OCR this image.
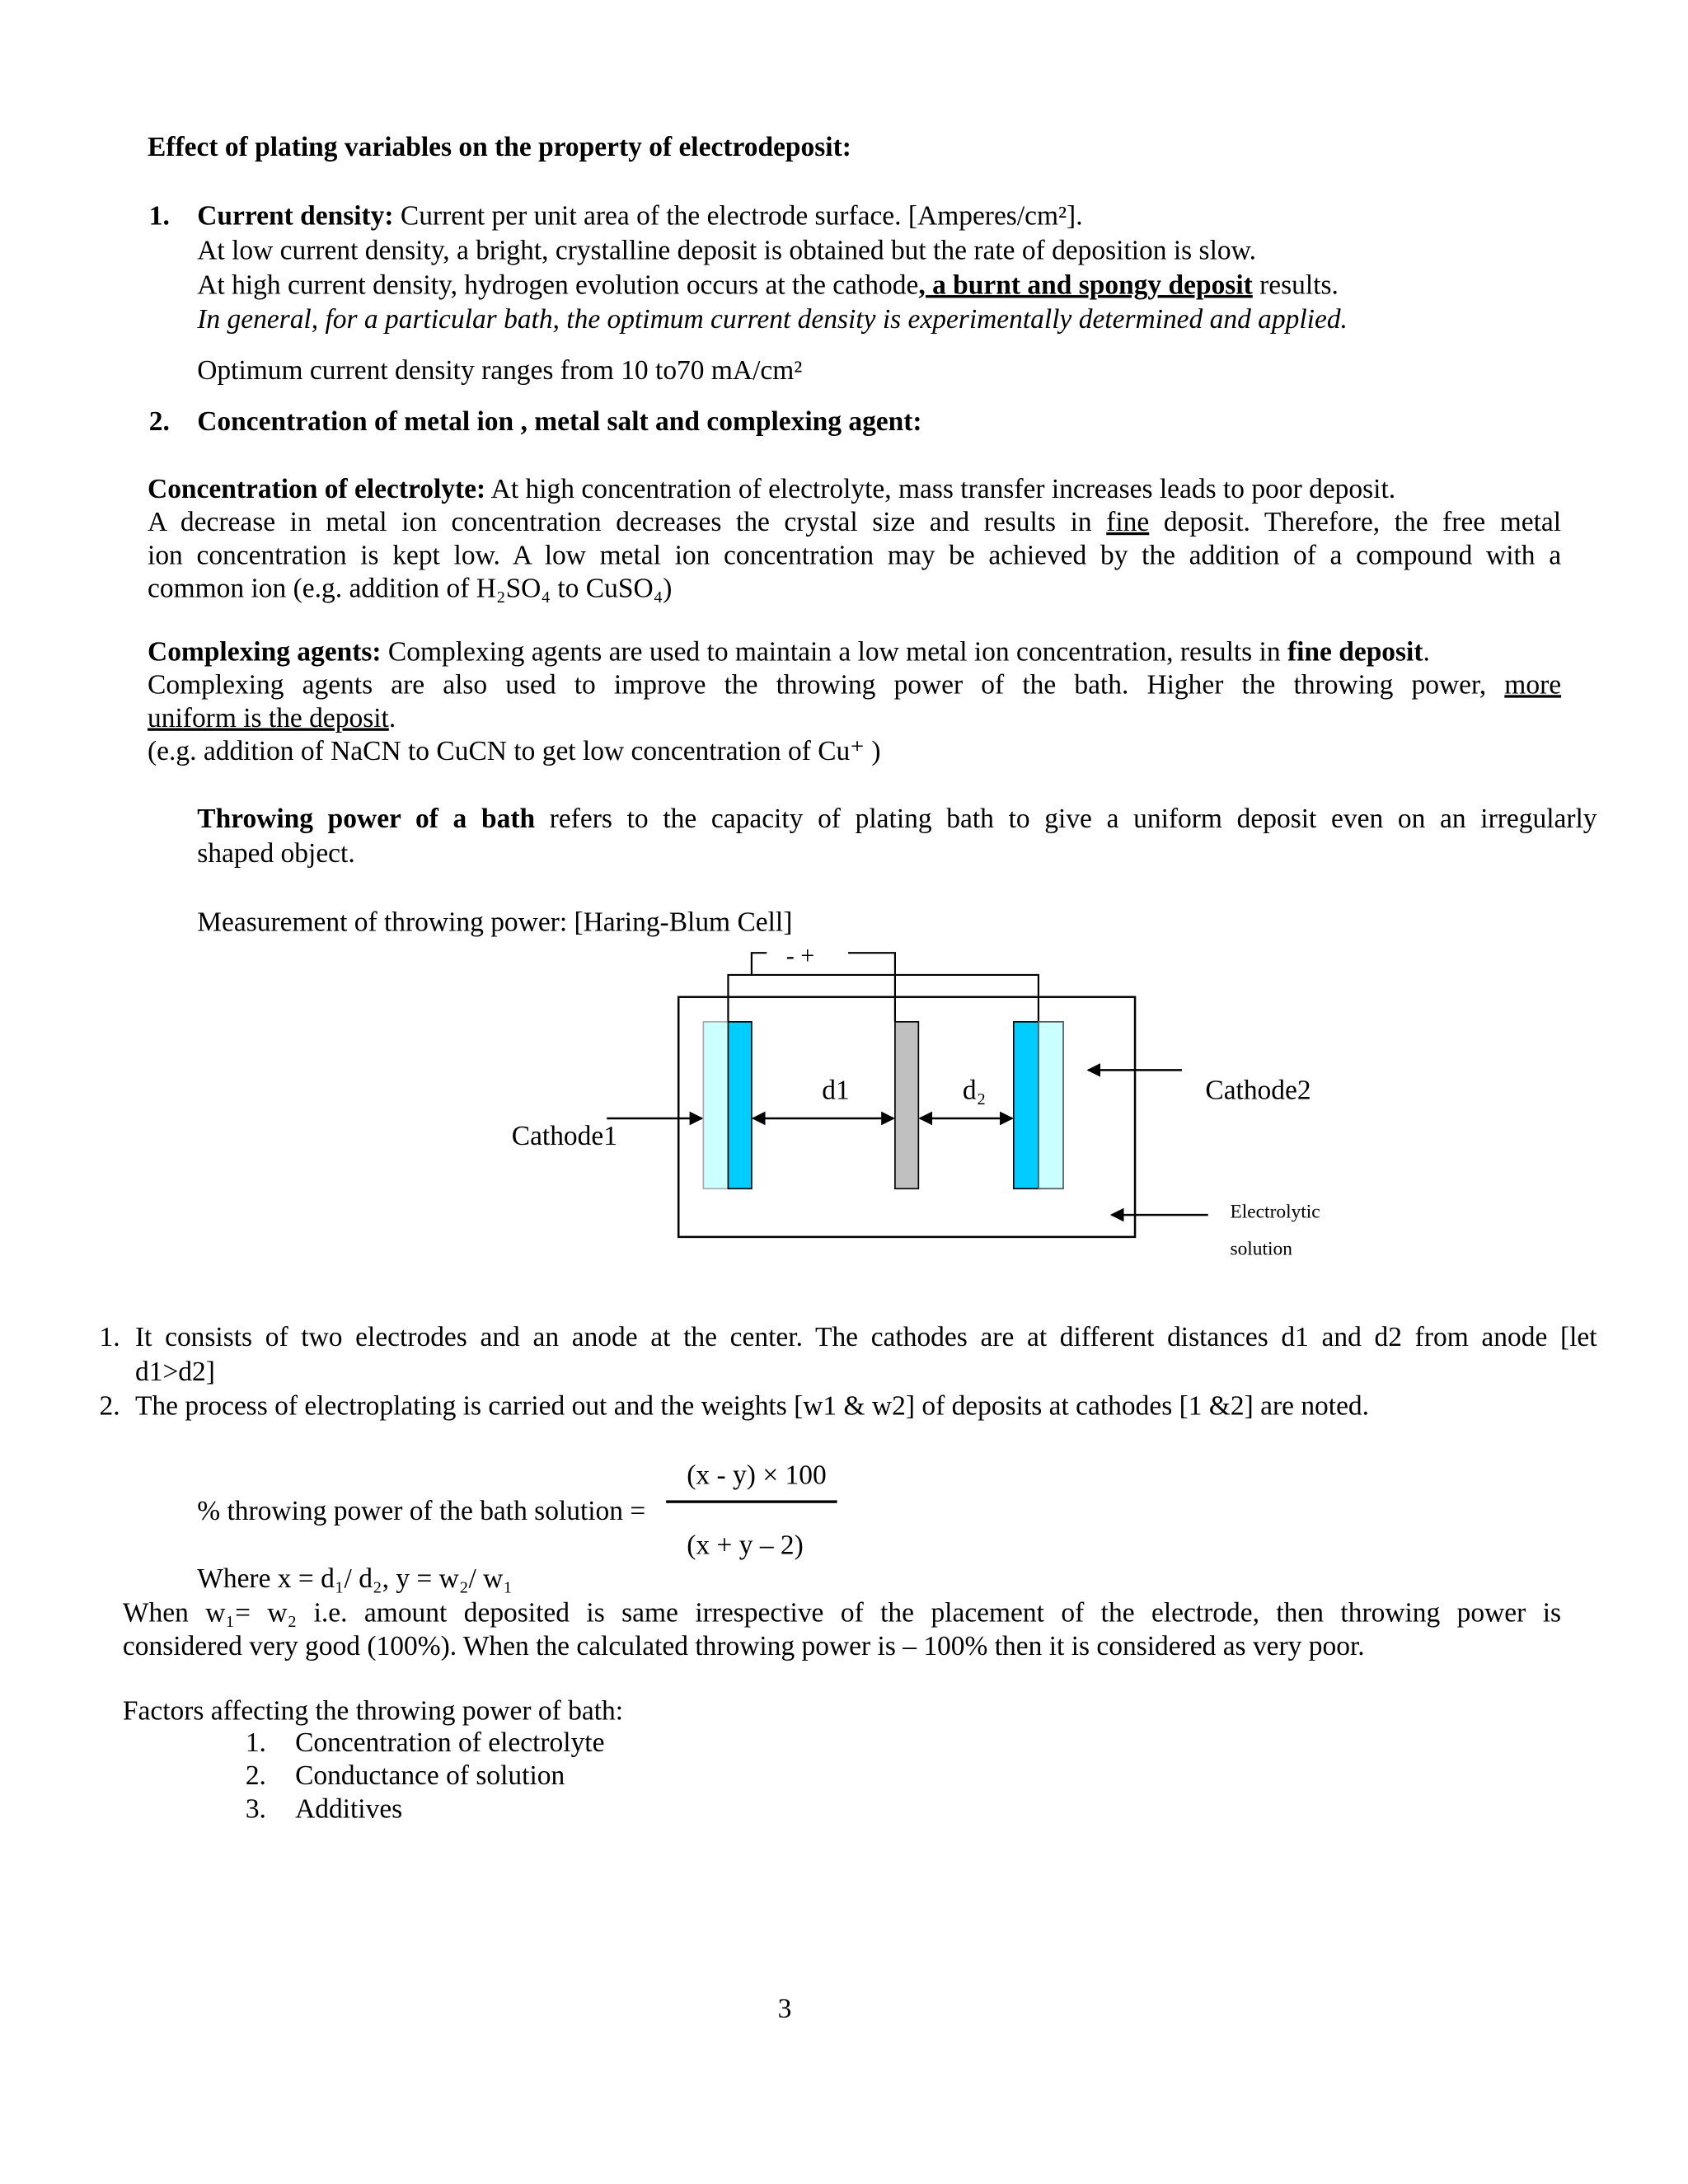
Effect of plating variables on the property of electrodeposit:
1. Current density: Current per unit area of the electrode surface. [Amperes/cm²].
At low current density, a bright, crystalline deposit is obtained but the rate of deposition is slow.
At high current density, hydrogen evolution occurs at the cathode, a burnt and spongy deposit results.
In general, for a particular bath, the optimum current density is experimentally determined and applied.
Optimum current density ranges from 10 to70 mA/cm²
2. Concentration of metal ion , metal salt and complexing agent:
Concentration of electrolyte: At high concentration of electrolyte, mass transfer increases leads to poor deposit.
A decrease in metal ion concentration decreases the crystal size and results in fine deposit. Therefore, the free metal
ion concentration is kept low. A low metal ion concentration may be achieved by the addition of a compound with a
common ion (e.g. addition of H₂SO₄ to CuSO₄)
Complexing agents: Complexing agents are used to maintain a low metal ion concentration, results in fine deposit.
Complexing agents are also used to improve the throwing power of the bath. Higher the throwing power, more
uniform is the deposit.
(e.g. addition of NaCN to CuCN to get low concentration of Cu⁺ )
Throwing power of a bath refers to the capacity of plating bath to give a uniform deposit even on an irregularly
shaped object.
Measurement of throwing power: [Haring-Blum Cell]
- +
d1	d₂
Cathode1
Cathode2
Electrolytic
solution
1. It consists of two electrodes and an anode at the center. The cathodes are at different distances d1 and d2 from anode [let
d1>d2]
2. The process of electroplating is carried out and the weights [w1 & w2] of deposits at cathodes [1 &2] are noted.
(x - y) × 100
% throwing power of the bath solution =
(x + y – 2)
Where x = d₁/ d₂, y = w₂/ w₁
When w₁= w₂ i.e. amount deposited is same irrespective of the placement of the electrode, then throwing power is
considered very good (100%). When the calculated throwing power is – 100% then it is considered as very poor.
Factors affecting the throwing power of bath:
1. Concentration of electrolyte
2. Conductance of solution
3. Additives
3
